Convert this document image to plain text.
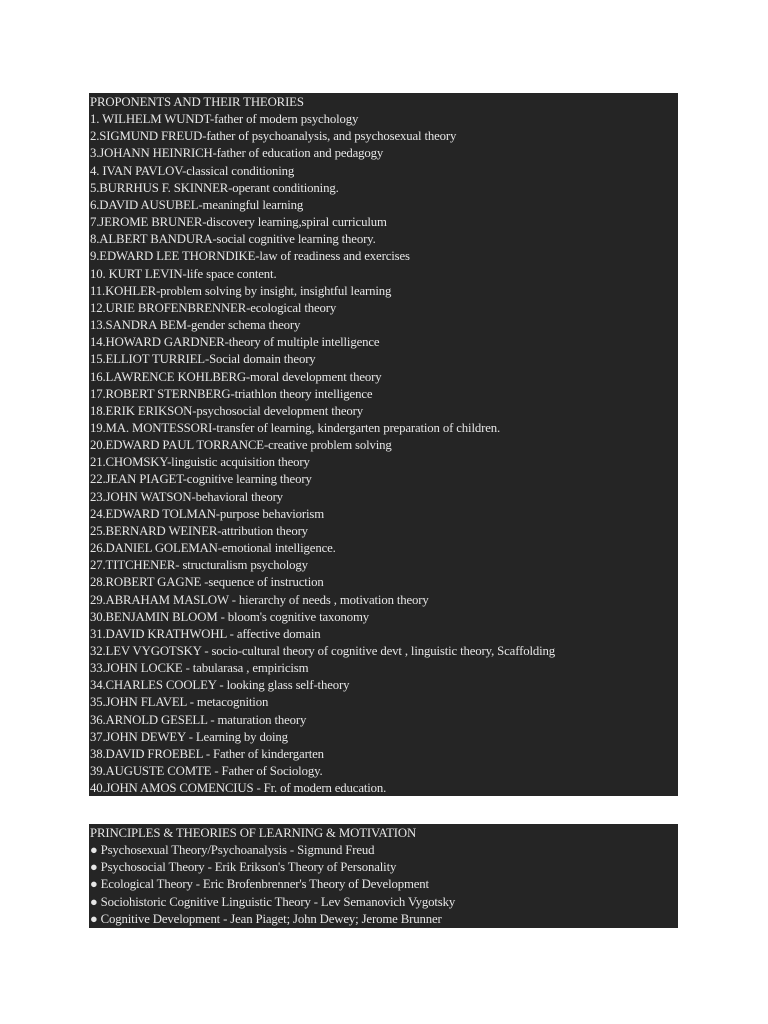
PROPONENTS AND THEIR THEORIES
1. WILHELM WUNDT-father of modern psychology
2.SIGMUND FREUD-father of psychoanalysis, and psychosexual theory
3.JOHANN HEINRICH-father of education and pedagogy
4. IVAN PAVLOV-classical conditioning
5.BURRHUS F. SKINNER-operant conditioning.
6.DAVID AUSUBEL-meaningful learning
7.JEROME BRUNER-discovery learning,spiral curriculum
8.ALBERT BANDURA-social cognitive learning theory.
9.EDWARD LEE THORNDIKE-law of readiness and exercises
10. KURT LEVIN-life space content.
11.KOHLER-problem solving by insight, insightful learning
12.URIE BROFENBRENNER-ecological theory
13.SANDRA BEM-gender schema theory
14.HOWARD GARDNER-theory of multiple intelligence
15.ELLIOT TURRIEL-Social domain theory
16.LAWRENCE KOHLBERG-moral development theory
17.ROBERT STERNBERG-triathlon theory intelligence
18.ERIK ERIKSON-psychosocial development theory
19.MA. MONTESSORI-transfer of learning, kindergarten preparation of children.
20.EDWARD PAUL TORRANCE-creative problem solving
21.CHOMSKY-linguistic acquisition theory
22.JEAN PIAGET-cognitive learning theory
23.JOHN WATSON-behavioral theory
24.EDWARD TOLMAN-purpose behaviorism
25.BERNARD WEINER-attribution theory
26.DANIEL GOLEMAN-emotional intelligence.
27.TITCHENER- structuralism psychology
28.ROBERT GAGNE -sequence of instruction
29.ABRAHAM MASLOW - hierarchy of needs , motivation theory
30.BENJAMIN BLOOM - bloom's cognitive taxonomy
31.DAVID KRATHWOHL - affective domain
32.LEV VYGOTSKY - socio-cultural theory of cognitive devt , linguistic theory, Scaffolding
33.JOHN LOCKE - tabularasa , empiricism
34.CHARLES COOLEY - looking glass self-theory
35.JOHN FLAVEL - metacognition
36.ARNOLD GESELL - maturation theory
37.JOHN DEWEY - Learning by doing
38.DAVID FROEBEL - Father of kindergarten
39.AUGUSTE COMTE - Father of Sociology.
40.JOHN AMOS COMENCIUS - Fr. of modern education.
PRINCIPLES & THEORIES OF LEARNING & MOTIVATION
● Psychosexual Theory/Psychoanalysis - Sigmund Freud
● Psychosocial Theory - Erik Erikson's Theory of Personality
● Ecological Theory - Eric Brofenbrenner's Theory of Development
● Sociohistoric Cognitive Linguistic Theory - Lev Semanovich Vygotsky
● Cognitive Development - Jean Piaget; John Dewey; Jerome Brunner
